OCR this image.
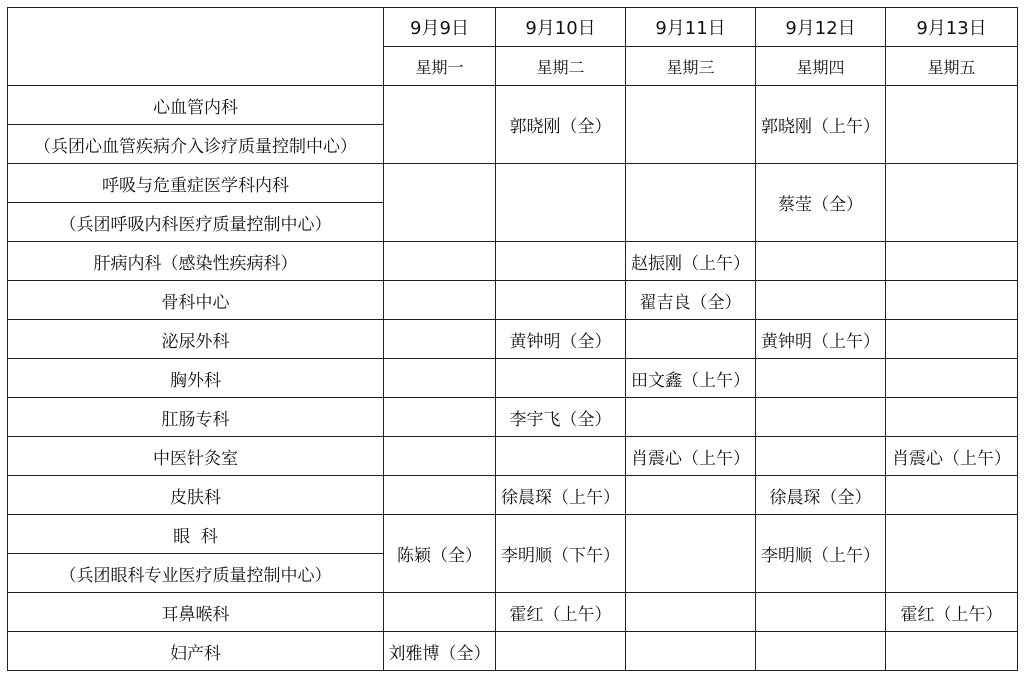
	9月9日	9月10日	9月11日	9月12日	9月13日
	星期一	星期二	星期三	星期四	星期五
心血管内科		郭晓刚（全）		郭晓刚（上午）	
（兵团心血管疾病介入诊疗质量控制中心）					
呼吸与危重症医学科内科				蔡莹（全）	
（兵团呼吸内科医疗质量控制中心）					
肝病内科（感染性疾病科）			赵振刚（上午）		
骨科中心			翟吉良（全）		
泌尿外科		黄钟明（全）		黄钟明（上午）	
胸外科			田文鑫（上午）		
肛肠专科		李宇飞（全）			
中医针灸室			肖震心（上午）		肖震心（上午）
皮肤科		徐晨琛（上午）		徐晨琛（全）	
眼  科	陈颖（全）	李明顺（下午）		李明顺（上午）	
（兵团眼科专业医疗质量控制中心）					
耳鼻喉科		霍红（上午）			霍红（上午）
妇产科	刘雅博（全）				
